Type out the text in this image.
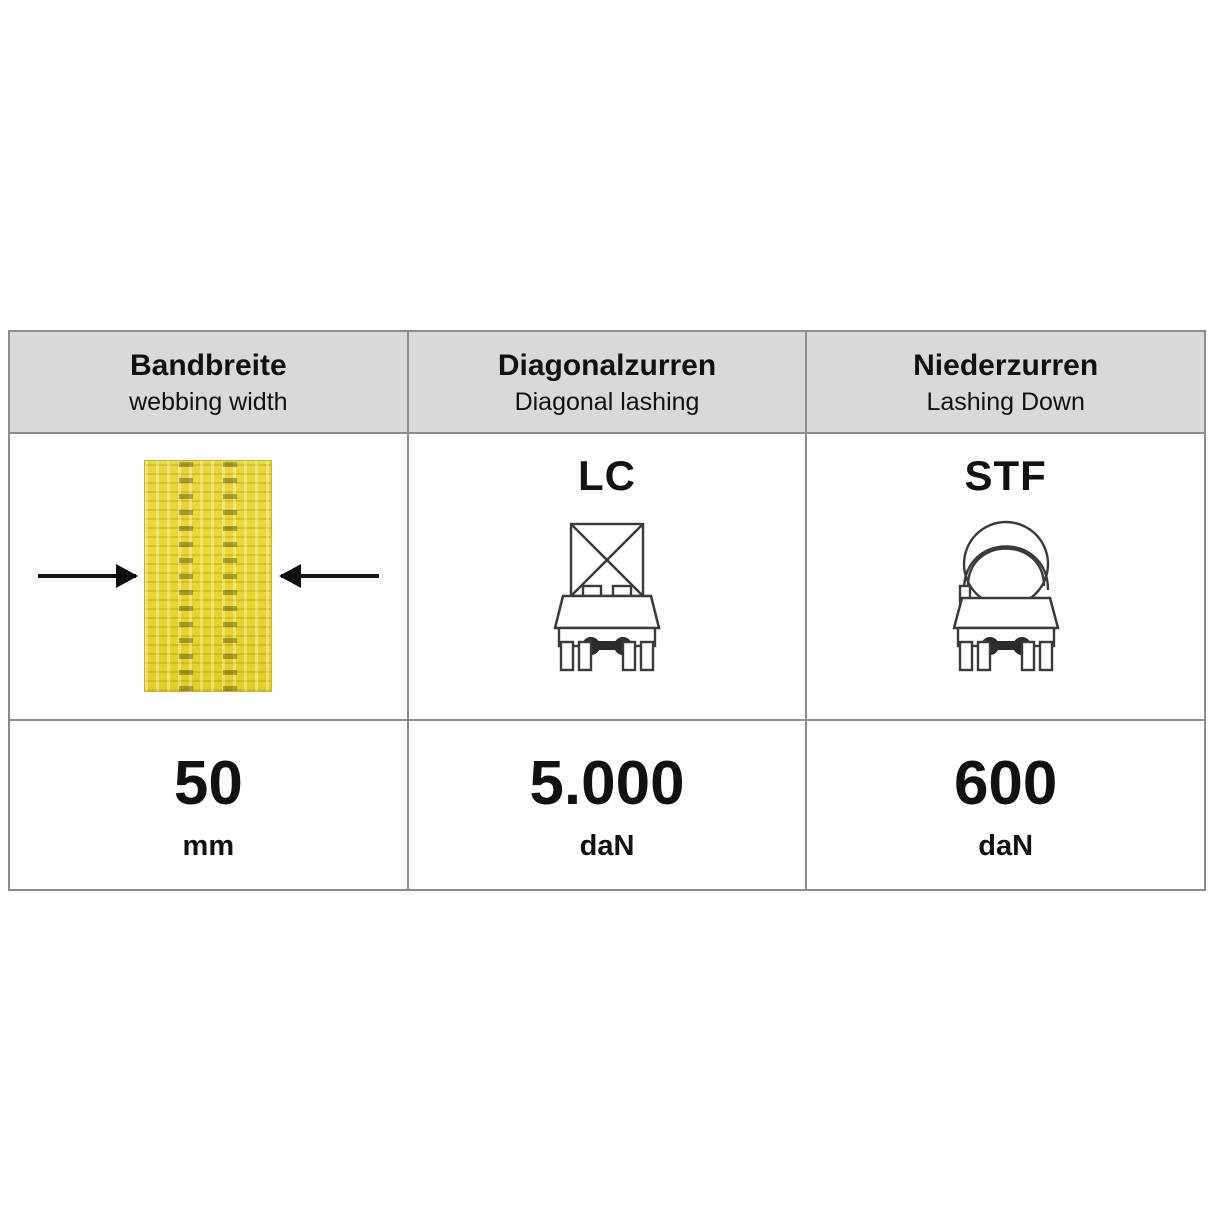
Bandbreite
webbing width
Diagonalzurren
Diagonal lashing
Niederzurren
Lashing Down
LC	STF
50
mm
5.000
daN
600
daN
